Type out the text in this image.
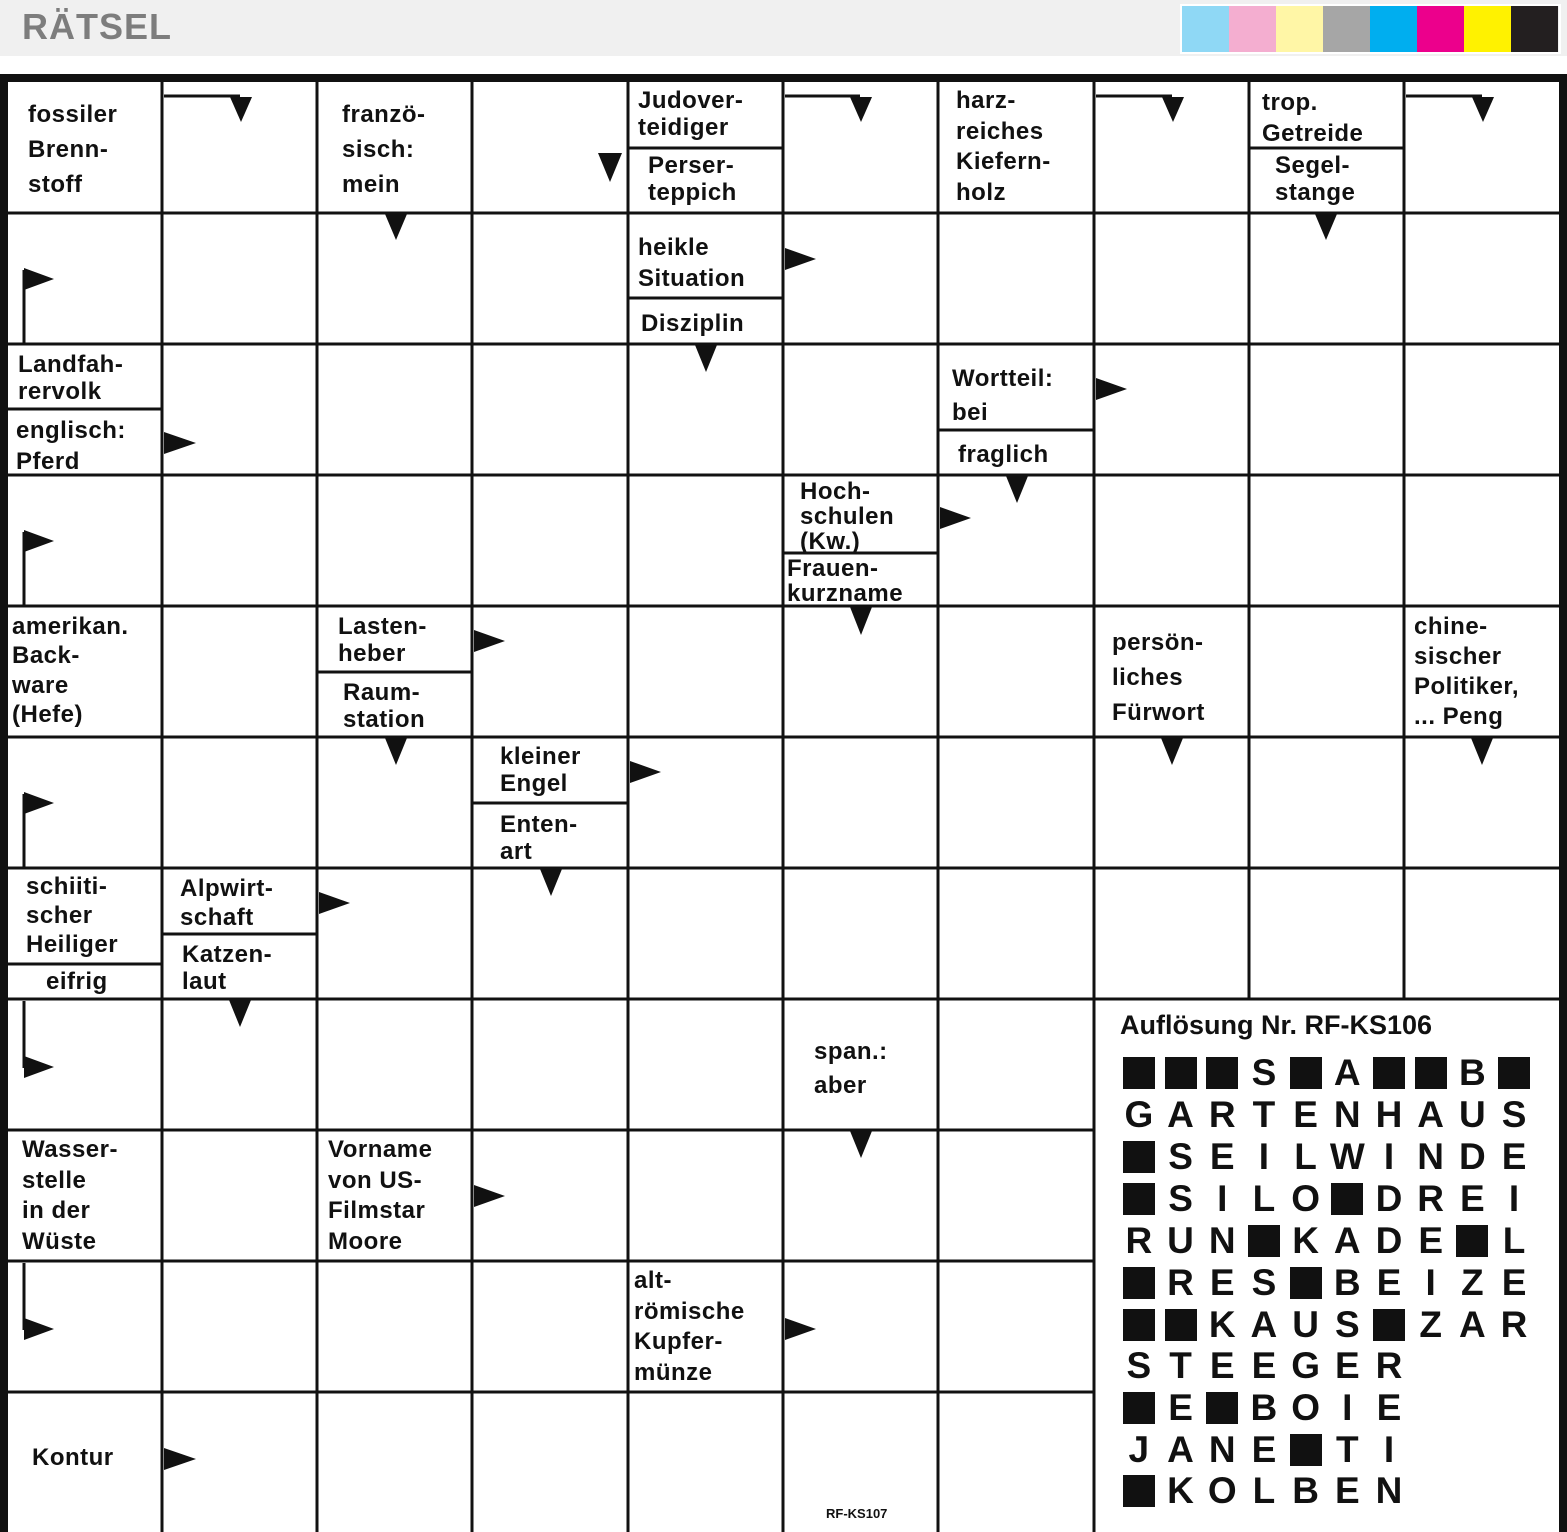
RÄTSEL
fossiler
Brenn-
stoff
franzö-
sisch:
mein
Judover-
teidiger
Perser-
teppich
harz-
reiches
Kiefern-
holz
trop.
Getreide
Segel-
stange
heikle
Situation
Disziplin
Landfah-
rervolk
englisch:
Pferd
Wortteil:
bei
fraglich
Hoch-
schulen
(Kw.)
Frauen-
kurzname
amerikan.
Back-
ware
(Hefe)
Lasten-
heber
Raum-
station
persön-
liches
Fürwort
chine-
sischer
Politiker,
... Peng
kleiner
Engel
Enten-
art
schiiti-
scher
Heiliger
eifrig
Alpwirt-
schaft
Katzen-
laut
span.:
aber
Wasser-
stelle
in der
Wüste
Vorname
von US-
Filmstar
Moore
alt-
römische
Kupfer-
münze
Kontur
Auflösung Nr. RF-KS106
S A	B
G A R T E N H A U S
S E I L W I N D E
S I L O D R E I
R U N K A D E L
R E S B E I Z E
K A U S Z A R
S T E E G E R
E B O I E
J A N E T I
K O L B E N
RF-KS107
